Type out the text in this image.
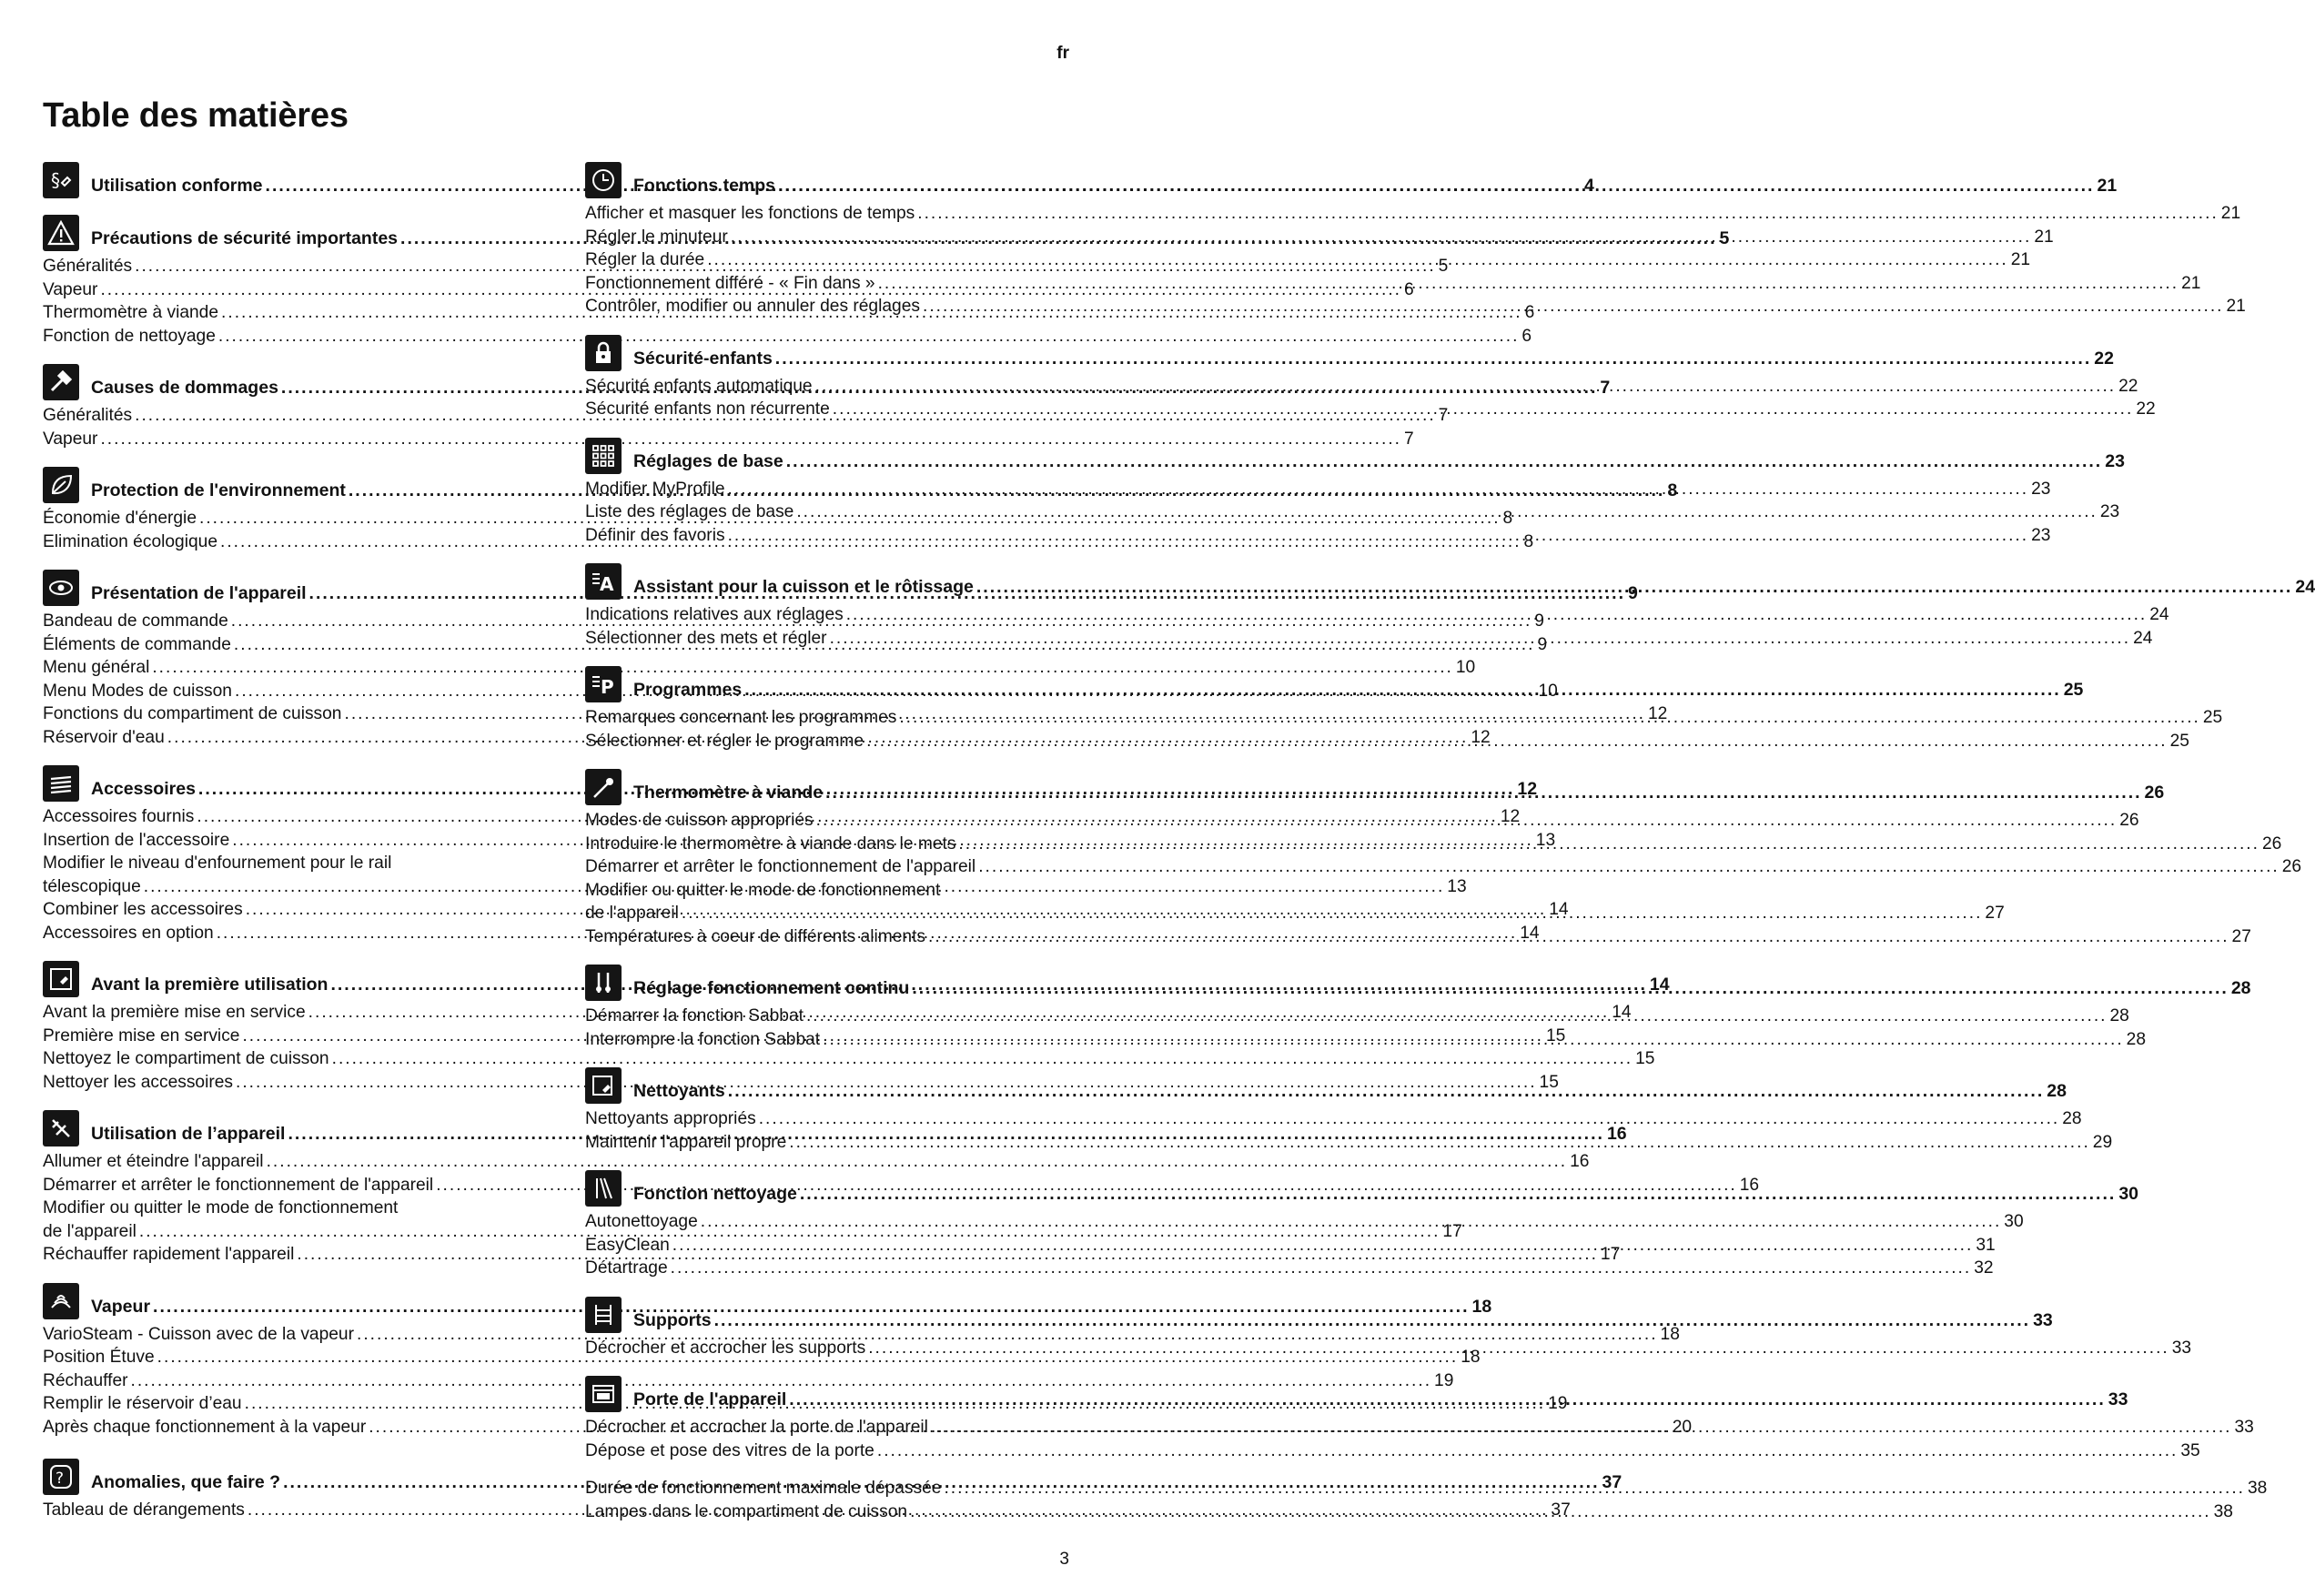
fr
Table des matières
§ Utilisation conforme .....	4
Précautions de sécurité importantes .....	5
Généralités .....	5
Vapeur .....	6
Thermomètre à viande .....	6
Fonction de nettoyage .....	6
Causes de dommages .....	7
Généralités .....	7
Vapeur .....	7
Protection de l'environnement .....	8
Économie d'énergie .....	8
Elimination écologique .....	8
Présentation de l'appareil .....	9
Bandeau de commande .....	9
Éléments de commande .....	9
Menu général .....	10
Menu Modes de cuisson .....	10
Fonctions du compartiment de cuisson .....	12
Réservoir d'eau .....	12
Accessoires .....	12
Accessoires fournis .....	12
Insertion de l'accessoire .....	13
Modifier le niveau d'enfournement pour le rail
télescopique .....	13
Combiner les accessoires .....	14
Accessoires en option .....	14
Avant la première utilisation .....	14
Avant la première mise en service .....	14
Première mise en service .....	15
Nettoyez le compartiment de cuisson .....	15
Nettoyer les accessoires .....	15
Utilisation de l’appareil .....	16
Allumer et éteindre l'appareil .....	16
Démarrer et arrêter le fonctionnement de l'appareil .....	16
Modifier ou quitter le mode de fonctionnement
de l'appareil .....	17
Réchauffer rapidement l'appareil .....	17
Vapeur .....	18
VarioSteam - Cuisson avec de la vapeur .....	18
Position Étuve .....	18
Réchauffer .....	19
Remplir le réservoir d’eau .....	19
Après chaque fonctionnement à la vapeur .....	20
? Anomalies, que faire ? .....	37
Tableau de dérangements .....	37
Fonctions temps .....	21
Afficher et masquer les fonctions de temps .....	21
Régler le minuteur .....	21
Régler la durée .....	21
Fonctionnement différé - « Fin dans » .....	21
Contrôler, modifier ou annuler des réglages .....	21
Sécurité-enfants .....	22
Sécurité enfants automatique .....	22
Sécurité enfants non récurrente .....	22
Réglages de base .....	23
Modifier MyProfile .....	23
Liste des réglages de base .....	23
Définir des favoris .....	23
A Assistant pour la cuisson et le rôtissage .....	24
Indications relatives aux réglages .....	24
Sélectionner des mets et régler .....	24
P Programmes .....	25
Remarques concernant les programmes .....	25
Sélectionner et régler le programme .....	25
Thermomètre à viande .....	26
Modes de cuisson appropriés .....	26
Introduire le thermomètre à viande dans le mets .....	26
Démarrer et arrêter le fonctionnement de l'appareil .....	26
Modifier ou quitter le mode de fonctionnement
de l'appareil .....	27
Températures à coeur de différents aliments .....	27
Réglage fonctionnement continu .....	28
Démarrer la fonction Sabbat .....	28
Interrompre la fonction Sabbat .....	28
Nettoyants .....	28
Nettoyants appropriés .....	28
Maintenir l'appareil propre .....	29
Fonction nettoyage .....	30
Autonettoyage .....	30
EasyClean .....	31
Détartrage .....	32
Supports .....	33
Décrocher et accrocher les supports .....	33
Porte de l'appareil .....	33
Décrocher et accrocher la porte de l'appareil .....	33
Dépose et pose des vitres de la porte .....	35
Durée de fonctionnement maximale dépassée .....	38
Lampes dans le compartiment de cuisson .....	38
3
